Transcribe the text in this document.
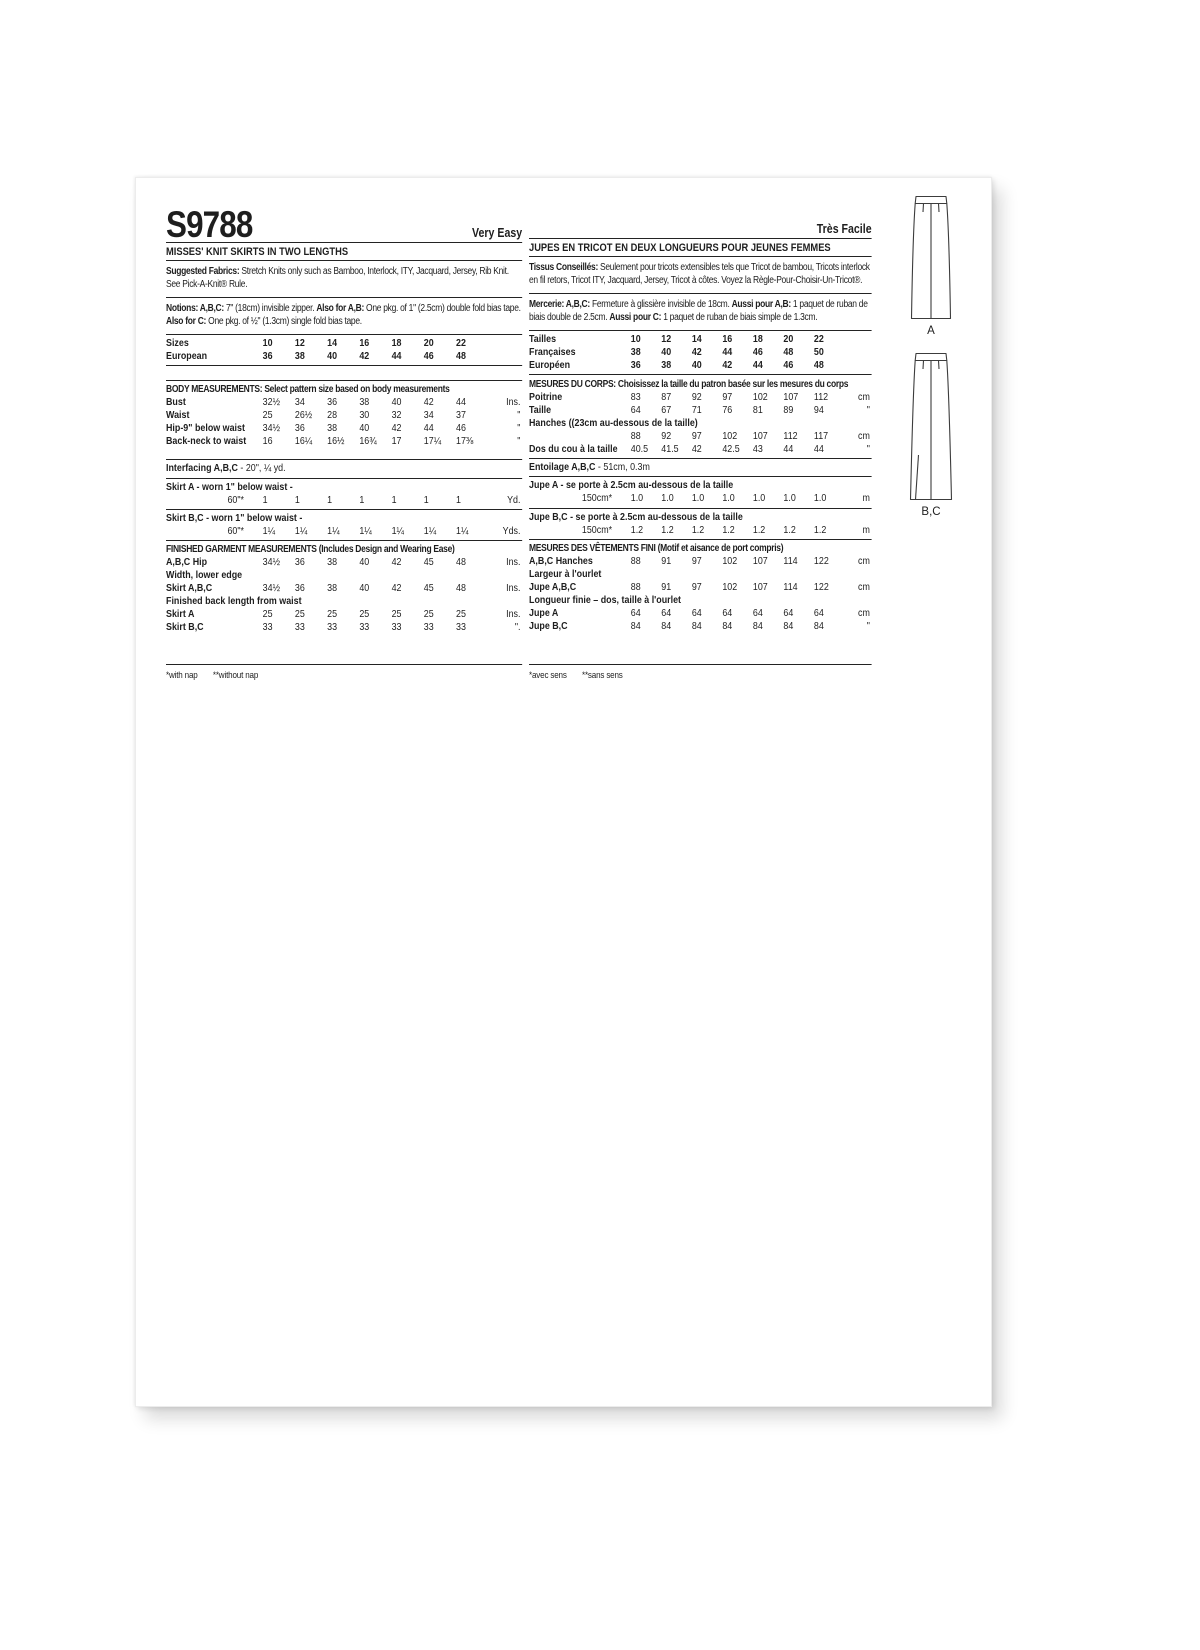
S9788	Very Easy
MISSES' KNIT SKIRTS IN TWO LENGTHS
Suggested Fabrics: Stretch Knits only such as Bamboo, Interlock, ITY, Jacquard, Jersey, Rib Knit. See Pick-A-Knit® Rule.
Notions: A,B,C: 7" (18cm) invisible zipper. Also for A,B: One pkg. of 1" (2.5cm) double fold bias tape. Also for C: One pkg. of ½" (1.3cm) single fold bias tape.
Sizes	10	12	14	16	18	20	22
European	36	38	40	42	44	46	48
BODY MEASUREMENTS: Select pattern size based on body measurements
Bust	32½	34	36	38	40	42	44	Ins.
Waist	25	26½	28	30	32	34	37	"
Hip-9" below waist	34½	36	38	40	42	44	46	"
Back-neck to waist	16	16¼	16½	16¾	17	17¼	17⅜	"
Interfacing A,B,C - 20", ¼ yd.
Skirt A - worn 1" below waist -
60"*	1	1	1	1	1	1	1	Yd.
Skirt B,C - worn 1" below waist -
60"*	1¼	1¼	1¼	1¼	1¼	1¼	1¼	Yds.
FINISHED GARMENT MEASUREMENTS (Includes Design and Wearing Ease)
A,B,C Hip	34½	36	38	40	42	45	48	Ins.
Width, lower edge
Skirt A,B,C	34½	36	38	40	42	45	48	Ins.
Finished back length from waist
Skirt A	25	25	25	25	25	25	25	Ins.
Skirt B,C	33	33	33	33	33	33	33	".
*with nap **without nap
Très Facile
JUPES EN TRICOT EN DEUX LONGUEURS POUR JEUNES FEMMES
Tissus Conseillés: Seulement pour tricots extensibles tels que Tricot de bambou, Tricots interlock en fil retors, Tricot ITY, Jacquard, Jersey, Tricot à côtes. Voyez la Règle-Pour-Choisir-Un-Tricot®.
Mercerie: A,B,C: Fermeture à glissière invisible de 18cm. Aussi pour A,B: 1 paquet de ruban de biais double de 2.5cm. Aussi pour C: 1 paquet de ruban de biais simple de 1.3cm.
Tailles	10	12	14	16	18	20	22
Françaises	38	40	42	44	46	48	50
Européen	36	38	40	42	44	46	48
MESURES DU CORPS: Choisissez la taille du patron basée sur les mesures du corps
Poitrine	83	87	92	97	102	107	112	cm
Taille	64	67	71	76	81	89	94	"
Hanches ((23cm au-dessous de la taille)
88	92	97	102	107	112	117	cm
Dos du cou à la taille	40.5	41.5	42	42.5	43	44	44	"
Entoilage A,B,C - 51cm, 0.3m
Jupe A - se porte à 2.5cm au-dessous de la taille
150cm*	1.0	1.0	1.0	1.0	1.0	1.0	1.0	m
Jupe B,C - se porte à 2.5cm au-dessous de la taille
150cm*	1.2	1.2	1.2	1.2	1.2	1.2	1.2	m
MESURES DES VÊTEMENTS FINI (Motif et aisance de port compris)
A,B,C Hanches	88	91	97	102	107	114	122	cm
Largeur à l'ourlet
Jupe A,B,C	88	91	97	102	107	114	122	cm
Longueur finie – dos, taille à l'ourlet
Jupe A	64	64	64	64	64	64	64	cm
Jupe B,C	84	84	84	84	84	84	84	"
*avec sens **sans sens
A
B,C
